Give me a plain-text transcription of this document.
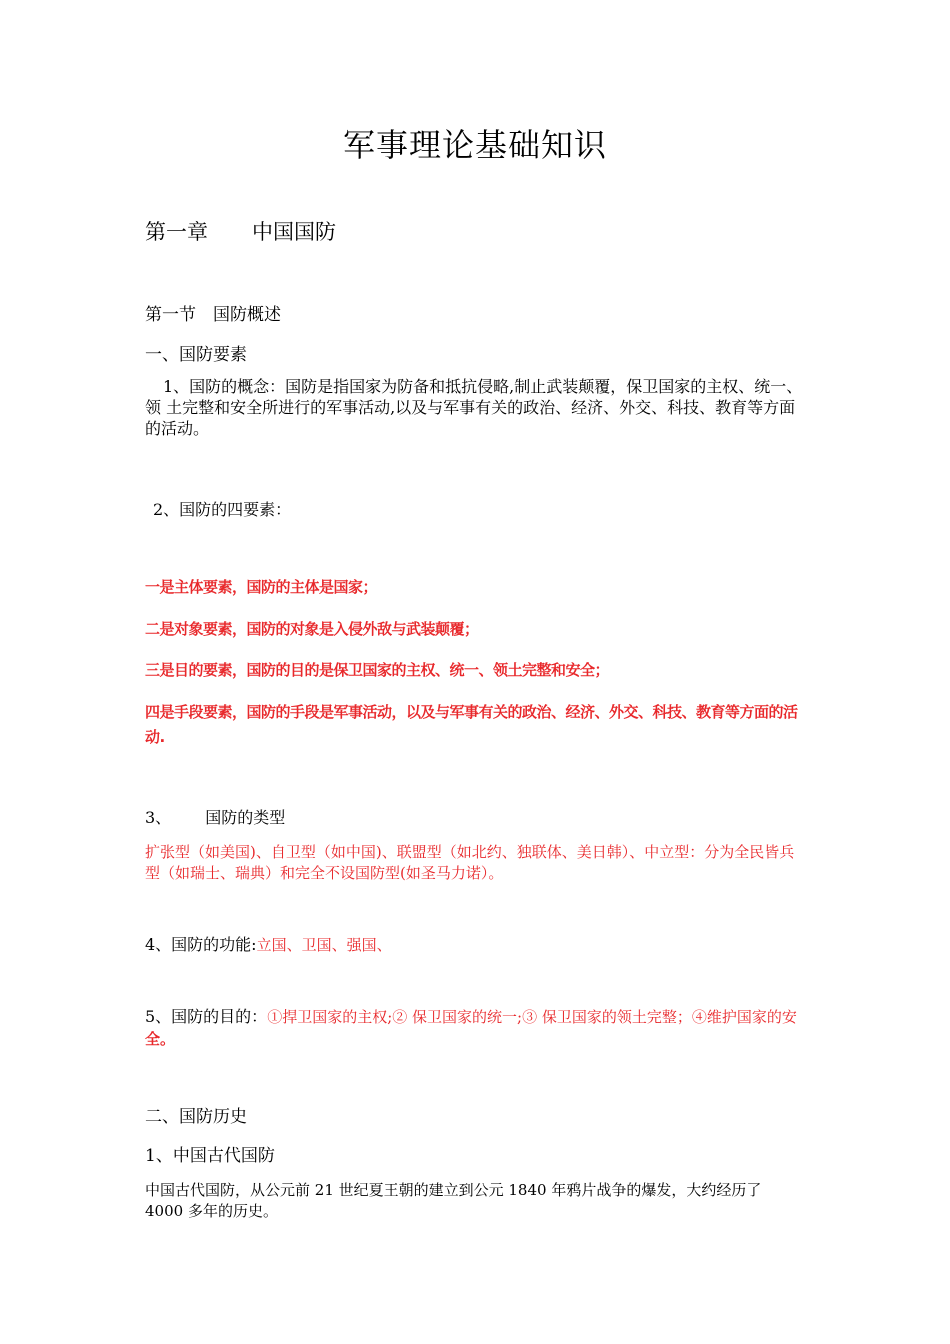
军事理论基础知识
第一章 中国国防
第一节　国防概述
一、国防要素
1、国防的概念：国防是指国家为防备和抵抗侵略,制止武装颠覆，保卫国家的主权、统一、　领 土完整和安全所进行的军事活动,以及与军事有关的政治、经济、外交、科技、教育等方面的活动。
2、国防的四要素：
一是主体要素，国防的主体是国家；
二是对象要素，国防的对象是入侵外敌与武装颠覆；
三是目的要素，国防的目的是保卫国家的主权、统一、领土完整和安全；
四是手段要素，国防的手段是军事活动，以及与军事有关的政治、经济、外交、科技、教育等方面的活动.
3、 国防的类型
扩张型（如美国)、自卫型（如中国)、联盟型（如北约、独联体、美日韩）、中立型：分为全民皆兵型（如瑞士、瑞典）和完全不设国防型(如圣马力诺）。
4、国防的功能:立国、卫国、强国、
5、国防的目的：①捍卫国家的主权;② 保卫国家的统一;③ 保卫国家的领土完整；④维护国家的安全。
二、国防历史
1、中国古代国防
中国古代国防，从公元前 21 世纪夏王朝的建立到公元 1840 年鸦片战争的爆发，大约经历了 4000 多年的历史。
